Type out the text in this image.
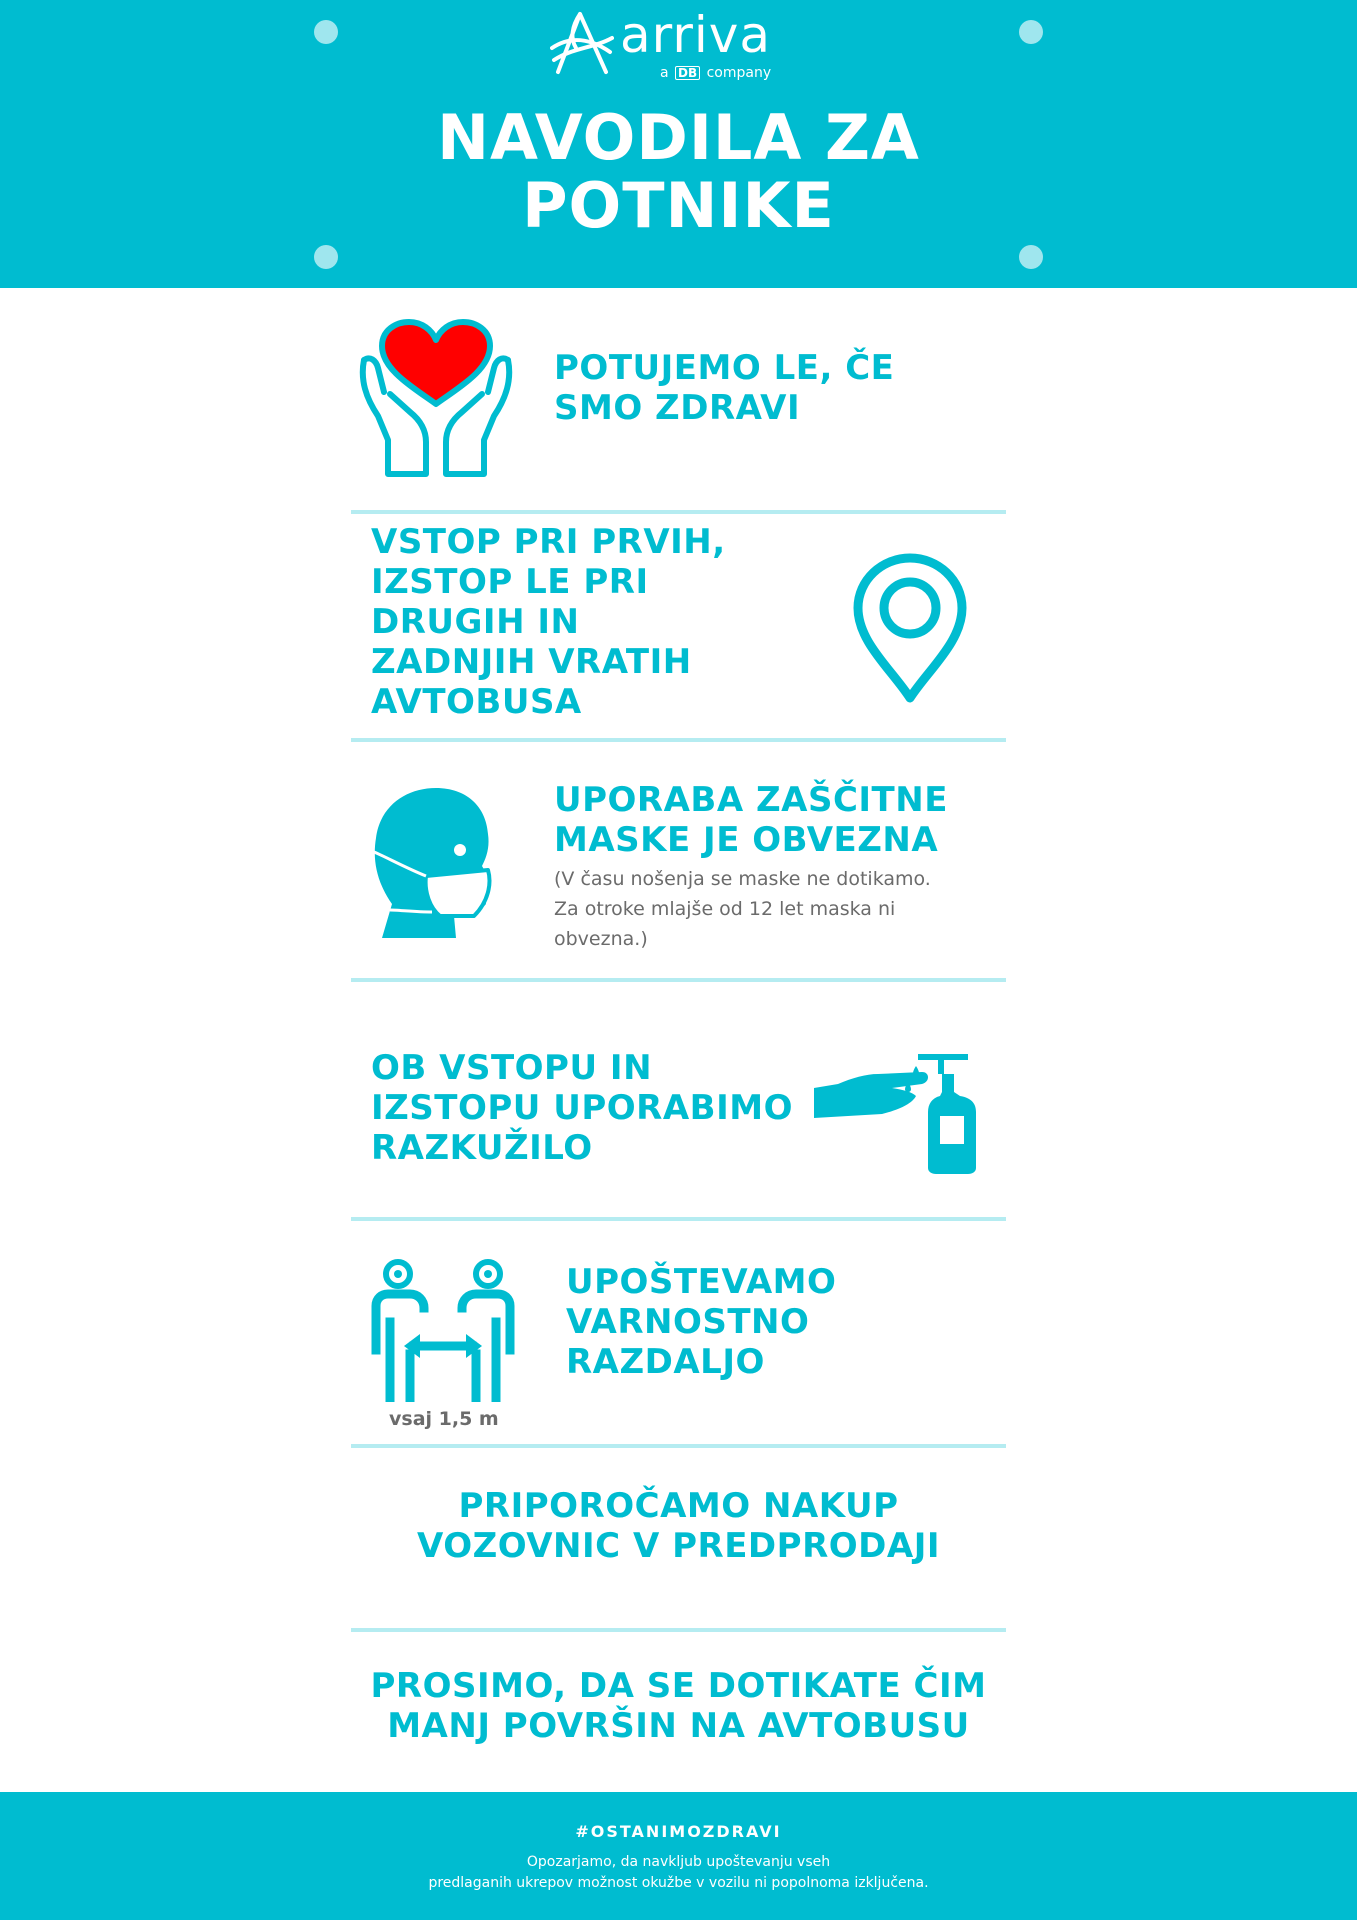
arriva
a DB company
NAVODILA ZA
POTNIKE

POTUJEMO LE, ČE
SMO ZDRAVI

VSTOP PRI PRVIH,
IZSTOP LE PRI
DRUGIH IN
ZADNJIH VRATIH
AVTOBUSA

UPORABA ZAŠČITNE
MASKE JE OBVEZNA

(V času nošenja se maske ne dotikamo.
Za otroke mlajše od 12 let maska ni
obvezna.)

OB VSTOPU IN
IZSTOPU UPORABIMO
RAZKUŽILO

vsaj 1,5 m

UPOŠTEVAMO
VARNOSTNO
RAZDALJO

PRIPOROČAMO NAKUP
VOZOVNIC V PREDPRODAJI

PROSIMO, DA SE DOTIKATE ČIM
MANJ POVRŠIN NA AVTOBUSU

#OSTANIMOZDRAVI
Opozarjamo, da navkljub upoštevanju vseh
predlaganih ukrepov možnost okužbe v vozilu ni popolnoma izključena.
